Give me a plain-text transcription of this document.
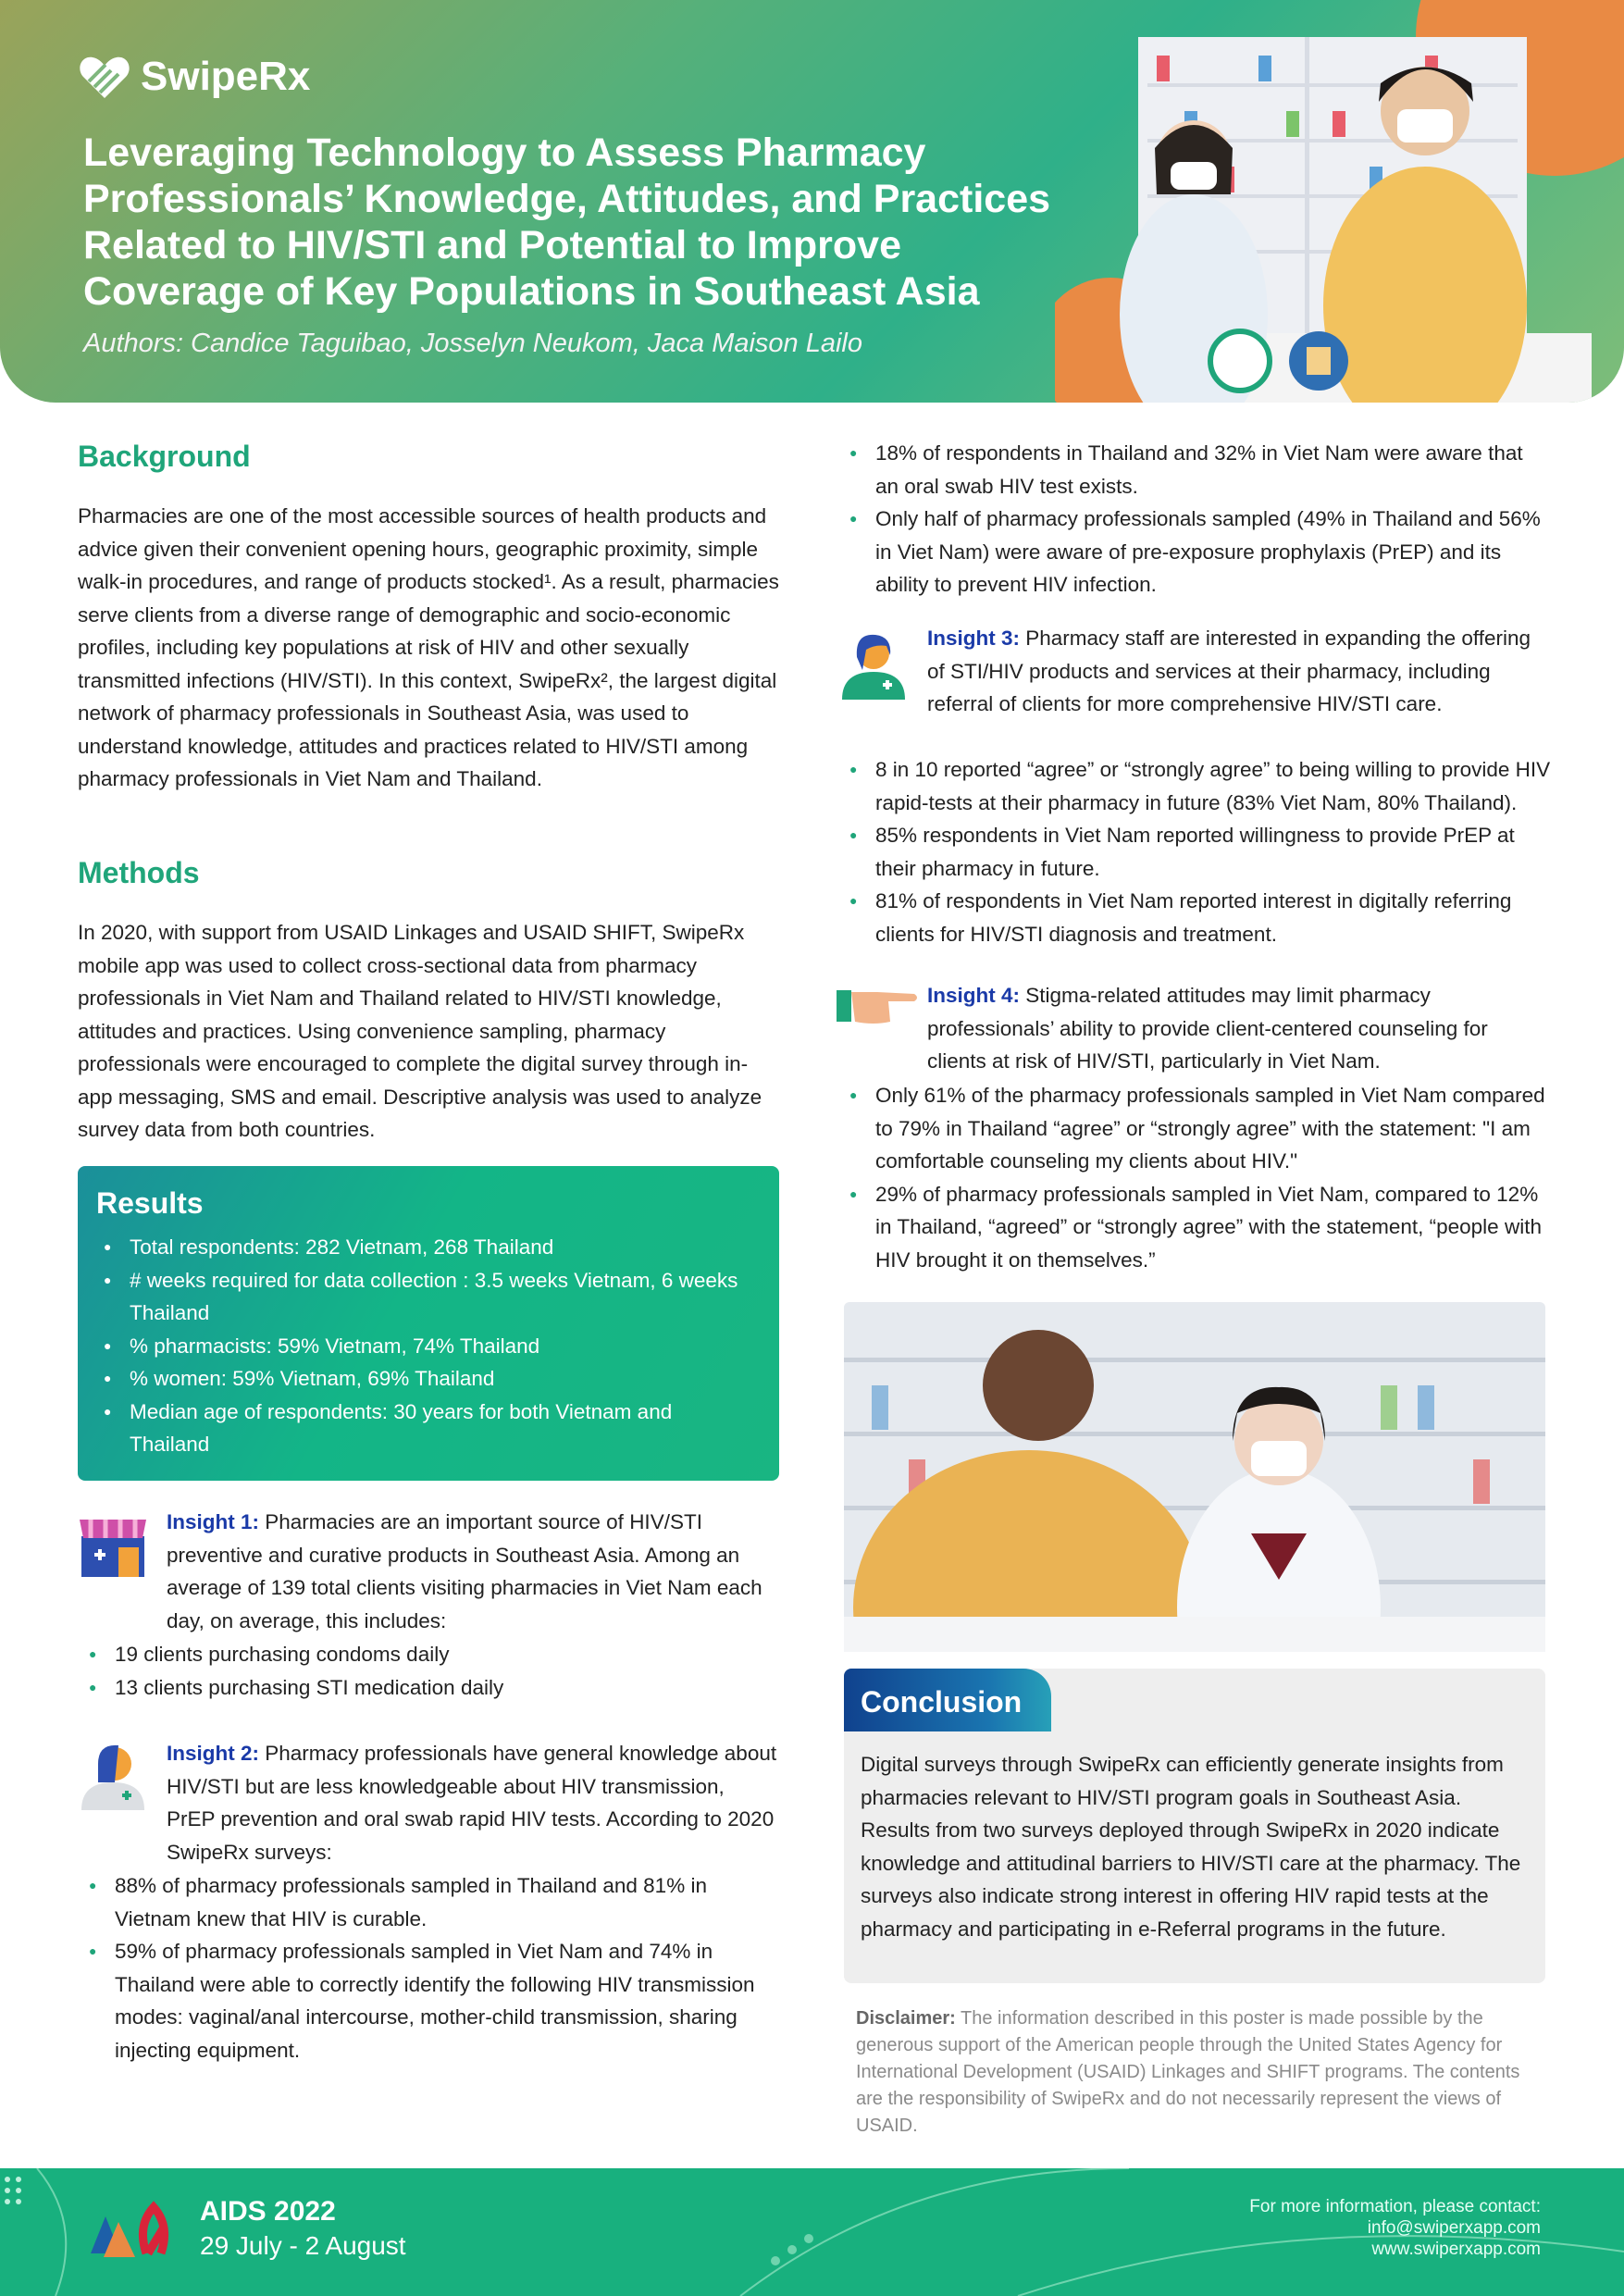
SwipeRx
Leveraging Technology to Assess Pharmacy Professionals’ Knowledge, Attitudes, and Practices Related to HIV/STI and Potential to Improve Coverage of Key Populations in Southeast Asia
Authors: Candice Taguibao, Josselyn Neukom, Jaca Maison Lailo
Background

Pharmacies are one of the most accessible sources of health products and advice given their convenient opening hours, geographic proximity, simple walk-in procedures, and range of products stocked¹. As a result, pharmacies serve clients from a diverse range of demographic and socio-economic profiles, including key populations at risk of HIV and other sexually transmitted infections (HIV/STI). In this context, SwipeRx², the largest digital network of pharmacy professionals in Southeast Asia, was used to understand knowledge, attitudes and practices related to HIV/STI among pharmacy professionals in Viet Nam and Thailand.

Methods

In 2020, with support from USAID Linkages and USAID SHIFT, SwipeRx mobile app was used to collect cross-sectional data from pharmacy professionals in Viet Nam and Thailand related to HIV/STI knowledge, attitudes and practices. Using convenience sampling, pharmacy professionals were encouraged to complete the digital survey through in-app messaging, SMS and email. Descriptive analysis was used to analyze survey data from both countries.

Results
● Total respondents: 282 Vietnam, 268 Thailand
● # weeks required for data collection : 3.5 weeks Vietnam, 6 weeks Thailand
● % pharmacists: 59% Vietnam, 74% Thailand
● % women: 59% Vietnam, 69% Thailand
● Median age of respondents: 30 years for both Vietnam and Thailand

Insight 1: Pharmacies are an important source of HIV/STI preventive and curative products in Southeast Asia. Among an average of 139 total clients visiting pharmacies in Viet Nam each day, on average, this includes:

● 19 clients purchasing condoms daily
● 13 clients purchasing STI medication daily

Insight 2: Pharmacy professionals have general knowledge about HIV/STI but are less knowledgeable about HIV transmission, PrEP prevention and oral swab rapid HIV tests. According to 2020 SwipeRx surveys:

● 88% of pharmacy professionals sampled in Thailand and 81% in Vietnam knew that HIV is curable.
● 59% of pharmacy professionals sampled in Viet Nam and 74% in Thailand were able to correctly identify the following HIV transmission modes: vaginal/anal intercourse, mother-child transmission, sharing injecting equipment.
● 18% of respondents in Thailand and 32% in Viet Nam were aware that an oral swab HIV test exists.
● Only half of pharmacy professionals sampled (49% in Thailand and 56% in Viet Nam) were aware of pre-exposure prophylaxis (PrEP) and its ability to prevent HIV infection.

Insight 3: Pharmacy staff are interested in expanding the offering of STI/HIV products and services at their pharmacy, including referral of clients for more comprehensive HIV/STI care.

● 8 in 10 reported “agree” or “strongly agree” to being willing to provide HIV rapid-tests at their pharmacy in future (83% Viet Nam, 80% Thailand).
● 85% respondents in Viet Nam reported willingness to provide PrEP at their pharmacy in future.
● 81% of respondents in Viet Nam reported interest in digitally referring clients for HIV/STI diagnosis and treatment.

Insight 4: Stigma-related attitudes may limit pharmacy professionals’ ability to provide client-centered counseling for clients at risk of HIV/STI, particularly in Viet Nam.

● Only 61% of the pharmacy professionals sampled in Viet Nam compared to 79% in Thailand “agree” or “strongly agree” with the statement: "I am comfortable counseling my clients about HIV."
● 29% of pharmacy professionals sampled in Viet Nam, compared to 12% in Thailand, “agreed” or “strongly agree” with the statement, “people with HIV brought it on themselves.”
Conclusion

Digital surveys through SwipeRx can efficiently generate insights from pharmacies relevant to HIV/STI program goals in Southeast Asia. Results from two surveys deployed through SwipeRx in 2020 indicate knowledge and attitudinal barriers to HIV/STI care at the pharmacy. The surveys also indicate strong interest in offering HIV rapid tests at the pharmacy and participating in e-Referral programs in the future.

Disclaimer: The information described in this poster is made possible by the generous support of the American people through the United States Agency for International Development (USAID) Linkages and SHIFT programs. The contents are the responsibility of SwipeRx and do not necessarily represent the views of USAID.

AIDS 2022
29 July - 2 August
For more information, please contact:
info@swiperxapp.com
www.swiperxapp.com
